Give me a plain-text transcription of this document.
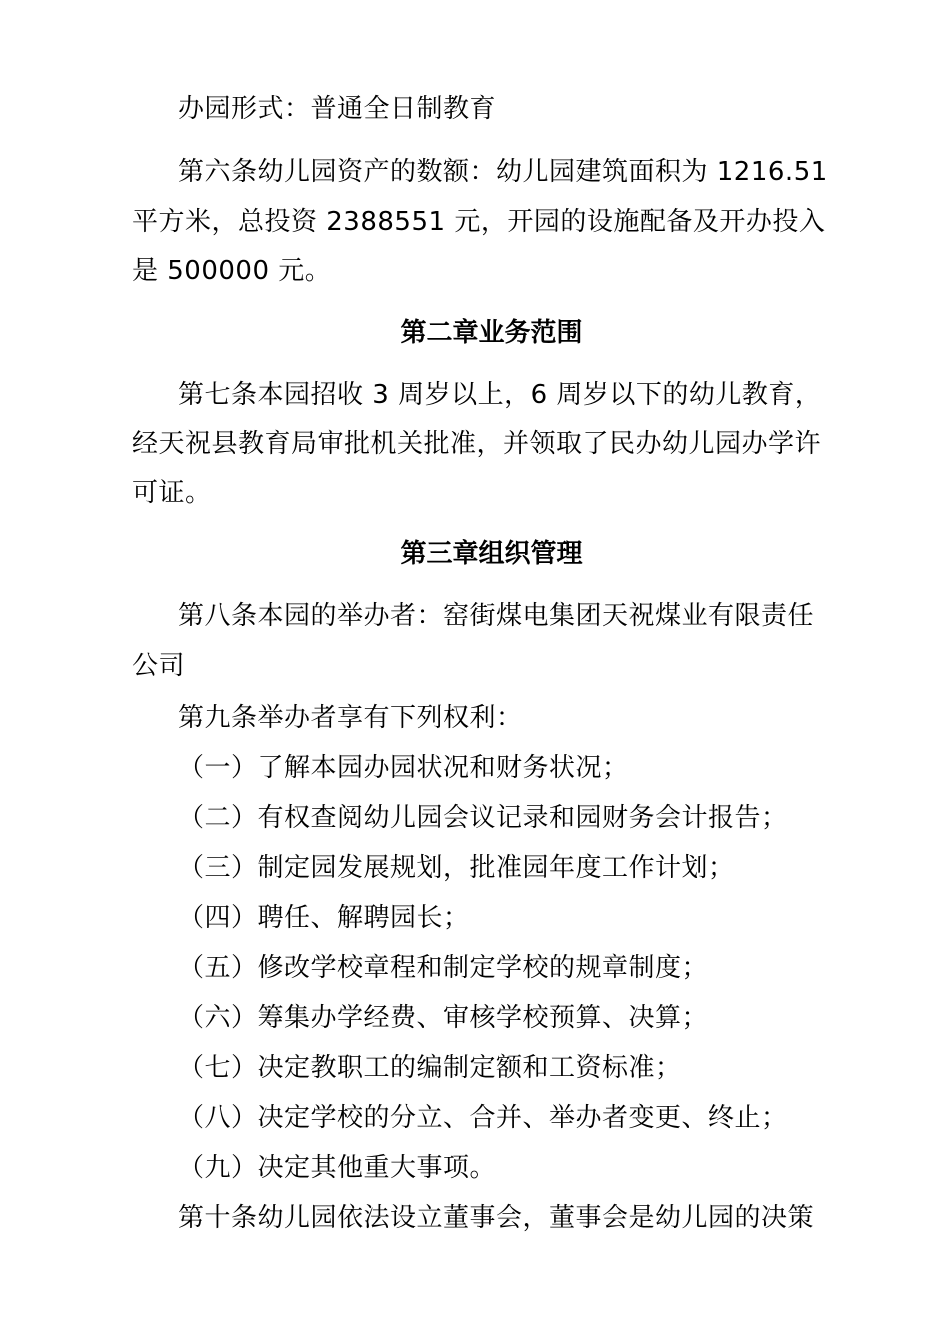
办园形式：普通全日制教育
第六条幼儿园资产的数额：幼儿园建筑面积为 1216.51
平方米，总投资 2388551 元，开园的设施配备及开办投入
是 500000 元。
第二章业务范围
第七条本园招收 3 周岁以上，6 周岁以下的幼儿教育，
经天祝县教育局审批机关批准，并领取了民办幼儿园办学许
可证。
第三章组织管理
第八条本园的举办者：窑街煤电集团天祝煤业有限责任
公司
第九条举办者享有下列权利：
（一）了解本园办园状况和财务状况；
（二）有权查阅幼儿园会议记录和园财务会计报告；
（三）制定园发展规划，批准园年度工作计划；
（四）聘任、解聘园长；
（五）修改学校章程和制定学校的规章制度；
（六）筹集办学经费、审核学校预算、决算；
（七）决定教职工的编制定额和工资标准；
（八）决定学校的分立、合并、举办者变更、终止；
（九）决定其他重大事项。
第十条幼儿园依法设立董事会，董事会是幼儿园的决策
